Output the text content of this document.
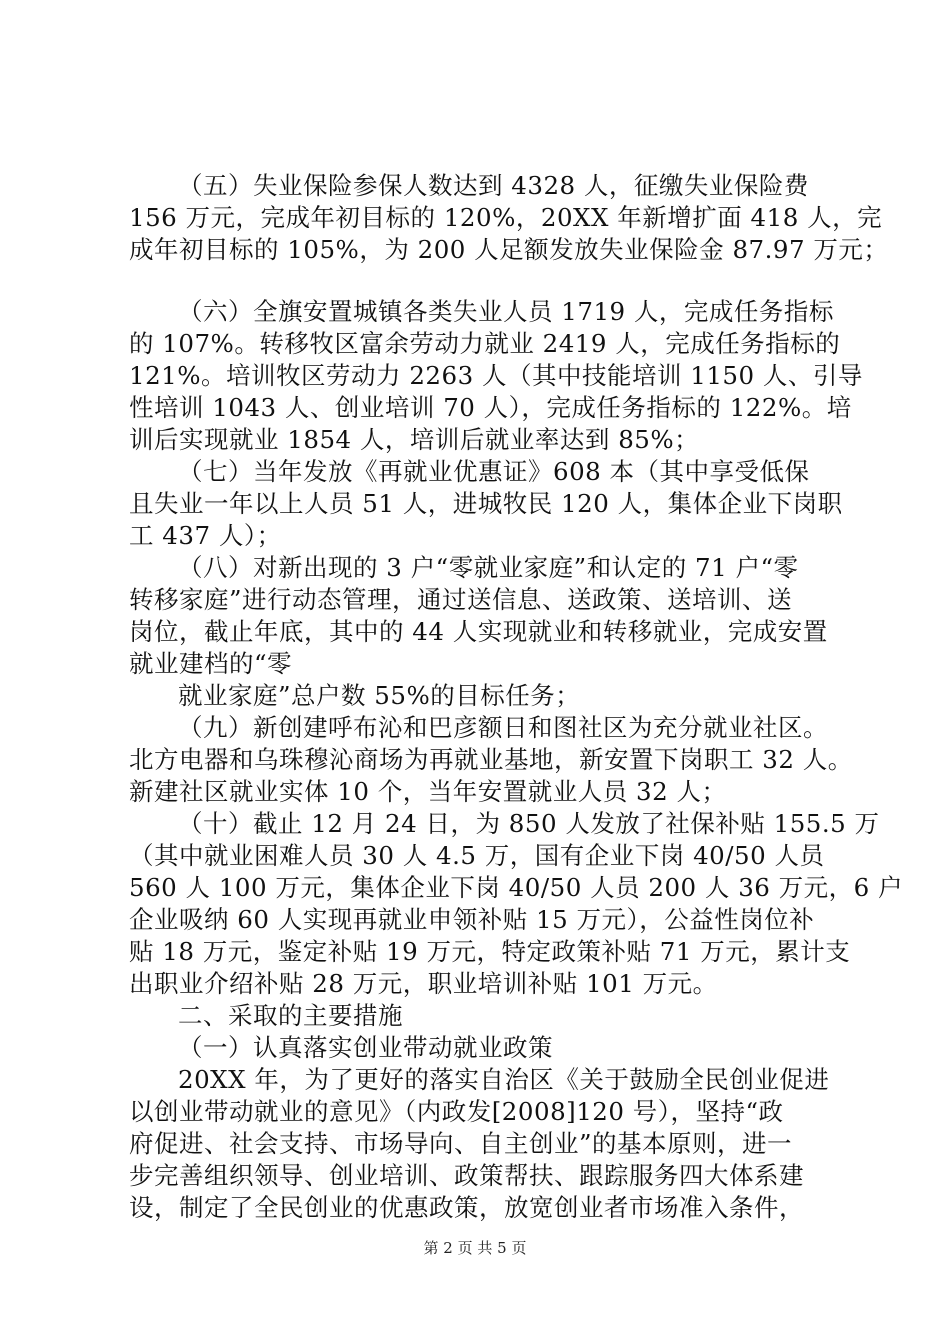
（五）失业保险参保人数达到 4328 人，征缴失业保险费
156 万元，完成年初目标的 120%，20XX 年新增扩面 418 人，完
成年初目标的 105%，为 200 人足额发放失业保险金 87.97 万元；
（六）全旗安置城镇各类失业人员 1719 人，完成任务指标
的 107%。转移牧区富余劳动力就业 2419 人，完成任务指标的
121%。培训牧区劳动力 2263 人（其中技能培训 1150 人、引导
性培训 1043 人、创业培训 70 人），完成任务指标的 122%。培
训后实现就业 1854 人，培训后就业率达到 85%；
（七）当年发放《再就业优惠证》608 本（其中享受低保
且失业一年以上人员 51 人，进城牧民 120 人，集体企业下岗职
工 437 人）；
（八）对新出现的 3 户“零就业家庭”和认定的 71 户“零
转移家庭”进行动态管理，通过送信息、送政策、送培训、送
岗位，截止年底，其中的 44 人实现就业和转移就业，完成安置
就业建档的“零
就业家庭”总户数 55%的目标任务；
（九）新创建呼布沁和巴彦额日和图社区为充分就业社区。
北方电器和乌珠穆沁商场为再就业基地，新安置下岗职工 32 人。
新建社区就业实体 10 个，当年安置就业人员 32 人；
（十）截止 12 月 24 日，为 850 人发放了社保补贴 155.5 万
（其中就业困难人员 30 人 4.5 万，国有企业下岗 40/50 人员
560 人 100 万元，集体企业下岗 40/50 人员 200 人 36 万元，6 户
企业吸纳 60 人实现再就业申领补贴 15 万元），公益性岗位补
贴 18 万元，鉴定补贴 19 万元，特定政策补贴 71 万元，累计支
出职业介绍补贴 28 万元，职业培训补贴 101 万元。
二、采取的主要措施
（一）认真落实创业带动就业政策
20XX 年，为了更好的落实自治区《关于鼓励全民创业促进
以创业带动就业的意见》（内政发[2008]120 号），坚持“政
府促进、社会支持、市场导向、自主创业”的基本原则，进一
步完善组织领导、创业培训、政策帮扶、跟踪服务四大体系建
设，制定了全民创业的优惠政策，放宽创业者市场准入条件，
第 2 页 共 5 页
